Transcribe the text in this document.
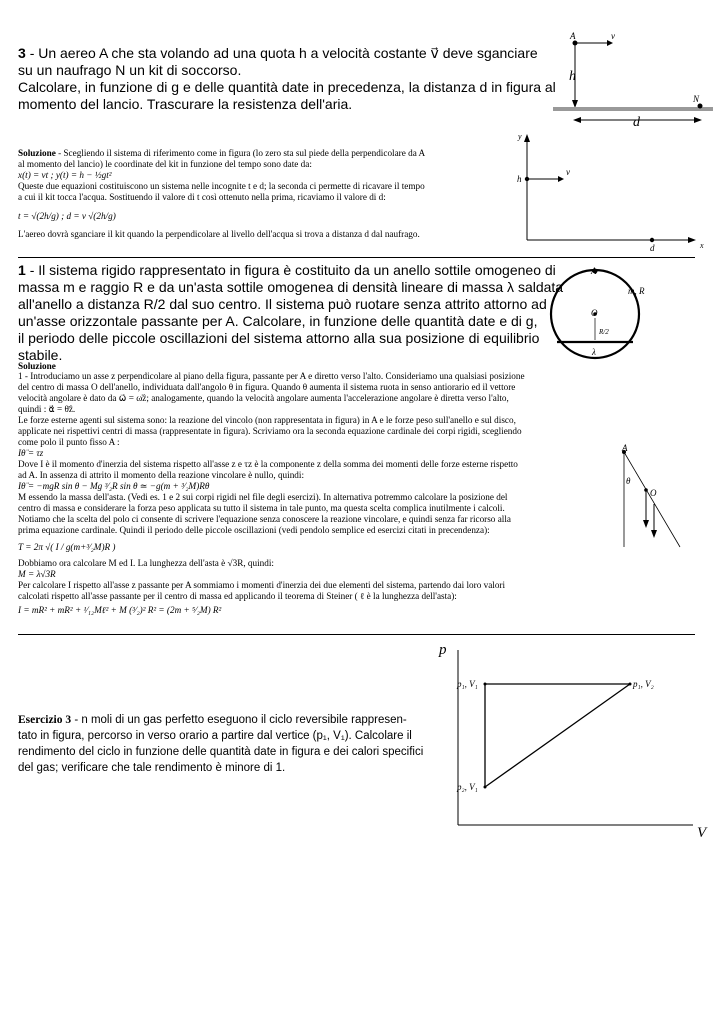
3 - Un aereo A che sta volando ad una quota h a velocità costante v⃗ deve sganciare

su un naufrago N un kit di soccorso.

Calcolare, in funzione di g e delle quantità date in precedenza, la distanza d in figura al

momento del lancio. Trascurare la resistenza dell'aria.

A	v⃗
h
N
d

Soluzione - Scegliendo il sistema di riferimento come in figura (lo zero sta sul piede della perpendicolare da A

al momento del lancio) le coordinate del kit in funzione del tempo sono date da:

x(t) = vt ; y(t) = h − ½gt²

Queste due equazioni costituiscono un sistema nelle incognite t e d; la seconda ci permette di ricavare il tempo

a cui il kit tocca l'acqua. Sostituendo il valore di t così ottenuto nella prima, ricaviamo il valore di d:

t = √(2h/g) ; d = v √(2h/g)

L'aereo dovrà sganciare il kit quando la perpendicolare al livello dell'acqua si trova a distanza d dal naufrago.

y
x
h
v⃗
d

1 - Il sistema rigido rappresentato in figura è costituito da un anello sottile omogeneo di

massa m e raggio R e da un'asta sottile omogenea di densità lineare di massa λ saldata

all'anello a distanza R/2 dal suo centro. Il sistema può ruotare senza attrito attorno ad

un'asse orizzontale passante per A. Calcolare, in funzione delle quantità date e di g,

il periodo delle piccole oscillazioni del sistema attorno alla sua posizione di equilibrio

stabile.

A
m, R
O
R/2
λ

Soluzione

1 - Introduciamo un asse z perpendicolare al piano della figura, passante per A e diretto verso l'alto. Consideriamo una qualsiasi posizione

del centro di massa O dell'anello, individuata dall'angolo θ in figura. Quando θ aumenta il sistema ruota in senso antiorario ed il vettore

velocità angolare è dato da ω⃗ = ω̇ẑ; analogamente, quando la velocità angolare aumenta l'accelerazione angolare è diretta verso l'alto,

quindi : α⃗ = θ̈ẑ.

Le forze esterne agenti sul sistema sono: la reazione del vincolo (non rappresentata in figura) in A e le forze peso sull'anello e sul disco,

applicate nei rispettivi centri di massa (rappresentate in figura). Scriviamo ora la seconda equazione cardinale dei corpi rigidi, scegliendo

come polo il punto fisso A :

Iθ̈ = τz

Dove I è il momento d'inerzia del sistema rispetto all'asse z e τz è la componente z della somma dei momenti delle forze esterne rispetto

ad A. In assenza di attrito il momento della reazione vincolare è nullo, quindi:

Iθ̈ = −mgR sin θ − Mg ³⁄₂R sin θ ≃ −g(m + ³⁄₂M)Rθ

M essendo la massa dell'asta. (Vedi es. 1 e 2 sui corpi rigidi nel file degli esercizi). In alternativa potremmo calcolare la posizione del

centro di massa e considerare la forza peso applicata su tutto il sistema in tale punto, ma questa scelta complica inutilmente i calcoli.

Notiamo che la scelta del polo ci consente di scrivere l'equazione senza conoscere la reazione vincolare, e quindi senza far ricorso alla

prima equazione cardinale. Quindi il periodo delle piccole oscillazioni (vedi pendolo semplice ed esercizi citati in precendenza):

T = 2π √( I / g(m+³⁄₂M)R )

Dobbiamo ora calcolare M ed I. La lunghezza dell'asta è √3R, quindi:

M = λ√3R

Per calcolare I rispetto all'asse z passante per A sommiamo i momenti d'inerzia dei due elementi del sistema, partendo dai loro valori

calcolati rispetto all'asse passante per il centro di massa ed applicando il teorema di Steiner ( ℓ è la lunghezza dell'asta):

I = mR² + mR² + ¹⁄₁₂Mℓ² + M (³⁄₂)² R² = (2m + ⁵⁄₂M) R²

A
θ
O

Esercizio 3 - n moli di un gas perfetto eseguono il ciclo reversibile rappresen-

tato in figura, percorso in verso orario a partire dal vertice (p₁, V₁). Calcolare il

rendimento del ciclo in funzione delle quantità date in figura e dei calori specifici

del gas; verificare che tale rendimento è minore di 1.

p
V
p₁, V₁	p₁, V₂
p₂, V₁
